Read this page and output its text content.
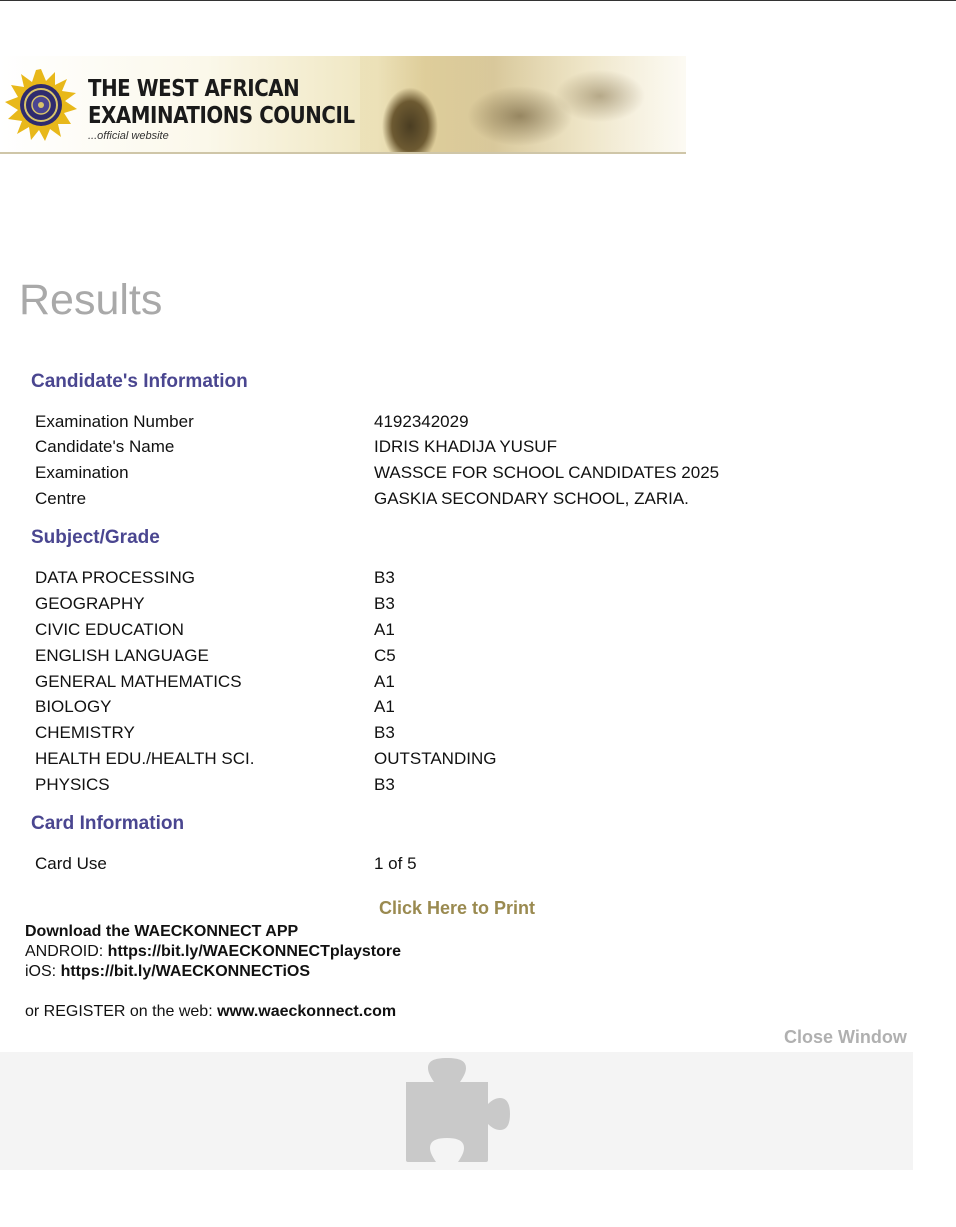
THE WEST AFRICAN
EXAMINATIONS COUNCIL
...official website
Results
Candidate's Information
Examination Number	4192342029
Candidate's Name	IDRIS KHADIJA YUSUF
Examination	WASSCE FOR SCHOOL CANDIDATES 2025
Centre	GASKIA SECONDARY SCHOOL, ZARIA.
Subject/Grade
DATA PROCESSING	B3
GEOGRAPHY	B3
CIVIC EDUCATION	A1
ENGLISH LANGUAGE	C5
GENERAL MATHEMATICS	A1
BIOLOGY	A1
CHEMISTRY	B3
HEALTH EDU./HEALTH SCI.	OUTSTANDING
PHYSICS	B3
Card Information
Card Use	1 of 5
Click Here to Print
Download the WAECKONNECT APP
ANDROID: https://bit.ly/WAECKONNECTplaystore
iOS: https://bit.ly/WAECKONNECTiOS
or REGISTER on the web: www.waeckonnect.com
Close Window
